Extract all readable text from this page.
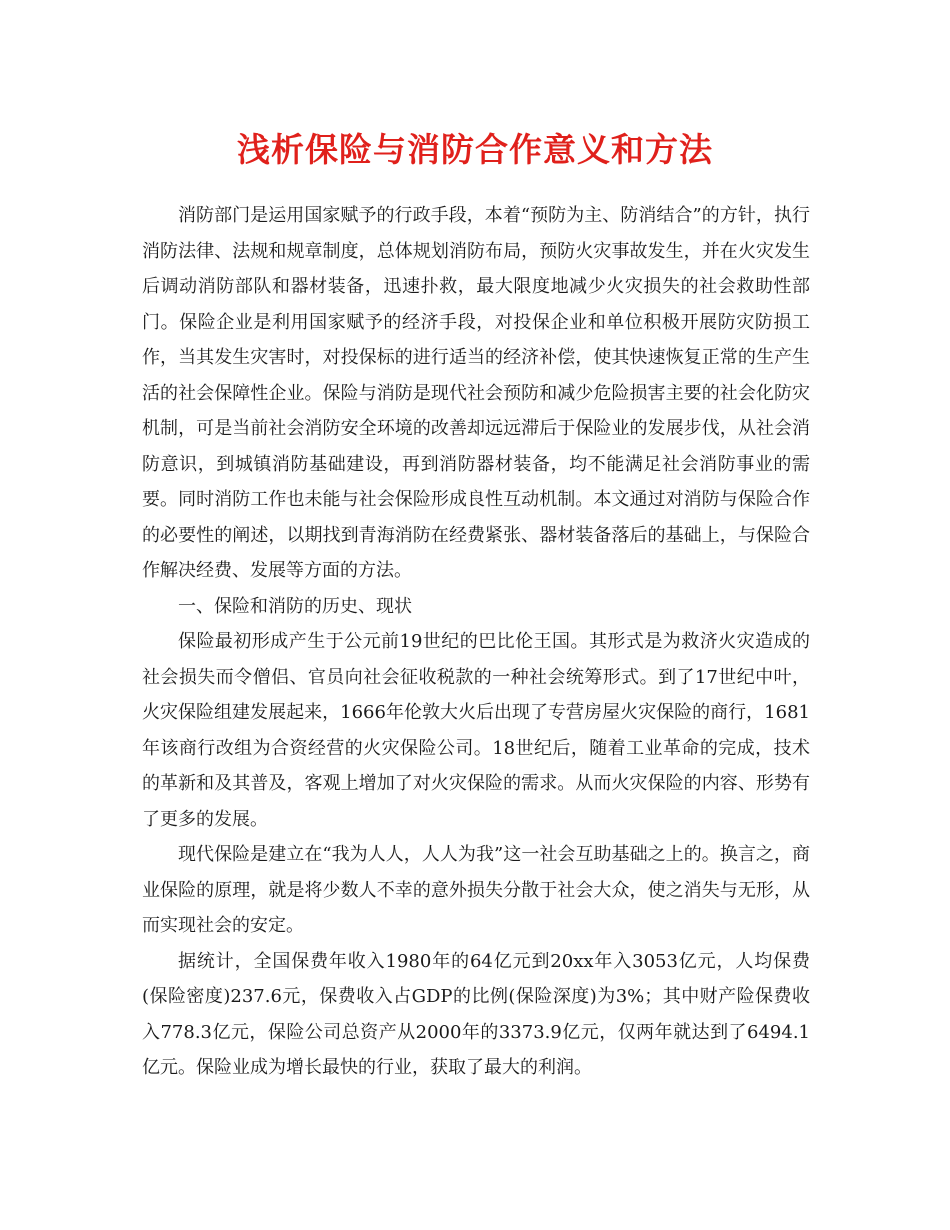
浅析保险与消防合作意义和方法

消防部门是运用国家赋予的行政手段，本着“预防为主、防消结合”的方针，执行消防法律、法规和规章制度，总体规划消防布局，预防火灾事故发生，并在火灾发生后调动消防部队和器材装备，迅速扑救，最大限度地减少火灾损失的社会救助性部门。保险企业是利用国家赋予的经济手段，对投保企业和单位积极开展防灾防损工作，当其发生灾害时，对投保标的进行适当的经济补偿，使其快速恢复正常的生产生活的社会保障性企业。保险与消防是现代社会预防和减少危险损害主要的社会化防灾机制，可是当前社会消防安全环境的改善却远远滞后于保险业的发展步伐，从社会消防意识，到城镇消防基础建设，再到消防器材装备，均不能满足社会消防事业的需要。同时消防工作也未能与社会保险形成良性互动机制。本文通过对消防与保险合作的必要性的阐述，以期找到青海消防在经费紧张、器材装备落后的基础上，与保险合作解决经费、发展等方面的方法。

一、保险和消防的历史、现状

保险最初形成产生于公元前19世纪的巴比伦王国。其形式是为救济火灾造成的社会损失而令僧侣、官员向社会征收税款的一种社会统筹形式。到了17世纪中叶，火灾保险组建发展起来，1666年伦敦大火后出现了专营房屋火灾保险的商行，1681年该商行改组为合资经营的火灾保险公司。18世纪后，随着工业革命的完成，技术的革新和及其普及，客观上增加了对火灾保险的需求。从而火灾保险的内容、形势有了更多的发展。

现代保险是建立在“我为人人，人人为我”这一社会互助基础之上的。换言之，商业保险的原理，就是将少数人不幸的意外损失分散于社会大众，使之消失与无形，从而实现社会的安定。

据统计，全国保费年收入1980年的64亿元到20xx年入3053亿元，人均保费(保险密度)237.6元，保费收入占GDP的比例(保险深度)为3%；其中财产险保费收入778.3亿元，保险公司总资产从2000年的3373.9亿元，仅两年就达到了6494.1亿元。保险业成为增长最快的行业，获取了最大的利润。
